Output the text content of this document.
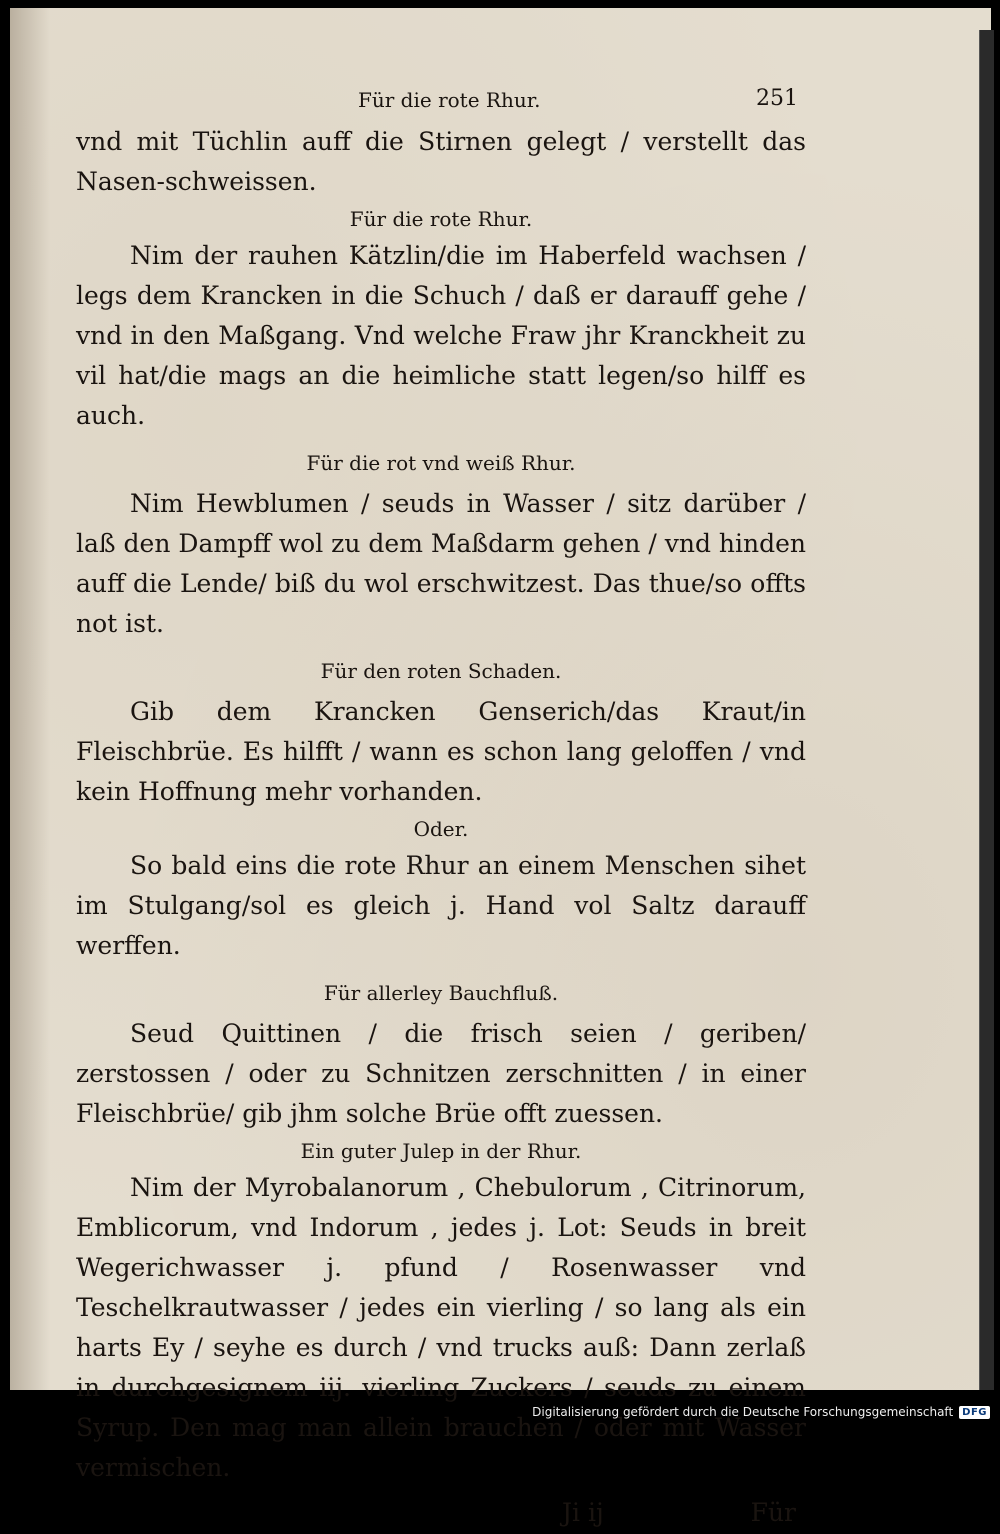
Für die rote Rhur.	251

vnd mit Tüchlin auff die Stirnen gelegt / verstellt das Nasen-schweissen.

Für die rote Rhur.

Nim der rauhen Kätzlin/die im Haberfeld wachsen / legs dem Krancken in die Schuch / daß er darauff gehe / vnd in den Maßgang. Vnd welche Fraw jhr Kranckheit zu vil hat/die mags an die heimliche statt legen/so hilff es auch.

Für die rot vnd weiß Rhur.

Nim Hewblumen / seuds in Wasser / sitz darüber / laß den Dampff wol zu dem Maßdarm gehen / vnd hinden auff die Lende/ biß du wol erschwitzest. Das thue/so offts not ist.

Für den roten Schaden.

Gib dem Krancken Genserich/das Kraut/in Fleischbrüe. Es hilfft / wann es schon lang geloffen / vnd kein Hoffnung mehr vorhanden.

Oder.

So bald eins die rote Rhur an einem Menschen sihet im Stulgang/sol es gleich j. Hand vol Saltz darauff werffen.

Für allerley Bauchfluß.

Seud Quittinen / die frisch seien / geriben/ zerstossen / oder zu Schnitzen zerschnitten / in einer Fleischbrüe/ gib jhm solche Brüe offt zuessen.

Ein guter Julep in der Rhur.

Nim der Myrobalanorum , Chebulorum , Citrinorum, Emblicorum, vnd Indorum , jedes j. Lot: Seuds in breit Wegerichwasser j. pfund / Rosenwasser vnd Teschelkrautwasser / jedes ein vierling / so lang als ein harts Ey / seyhe es durch / vnd trucks auß: Dann zerlaß in durchgesignem iij. vierling Zuckers / seuds zu einem Syrup. Den mag man allein brauchen / oder mit Wasser vermischen.

Ji ij	Für
Digitalisierung gefördert durch die Deutsche Forschungsgemeinschaft DFG
